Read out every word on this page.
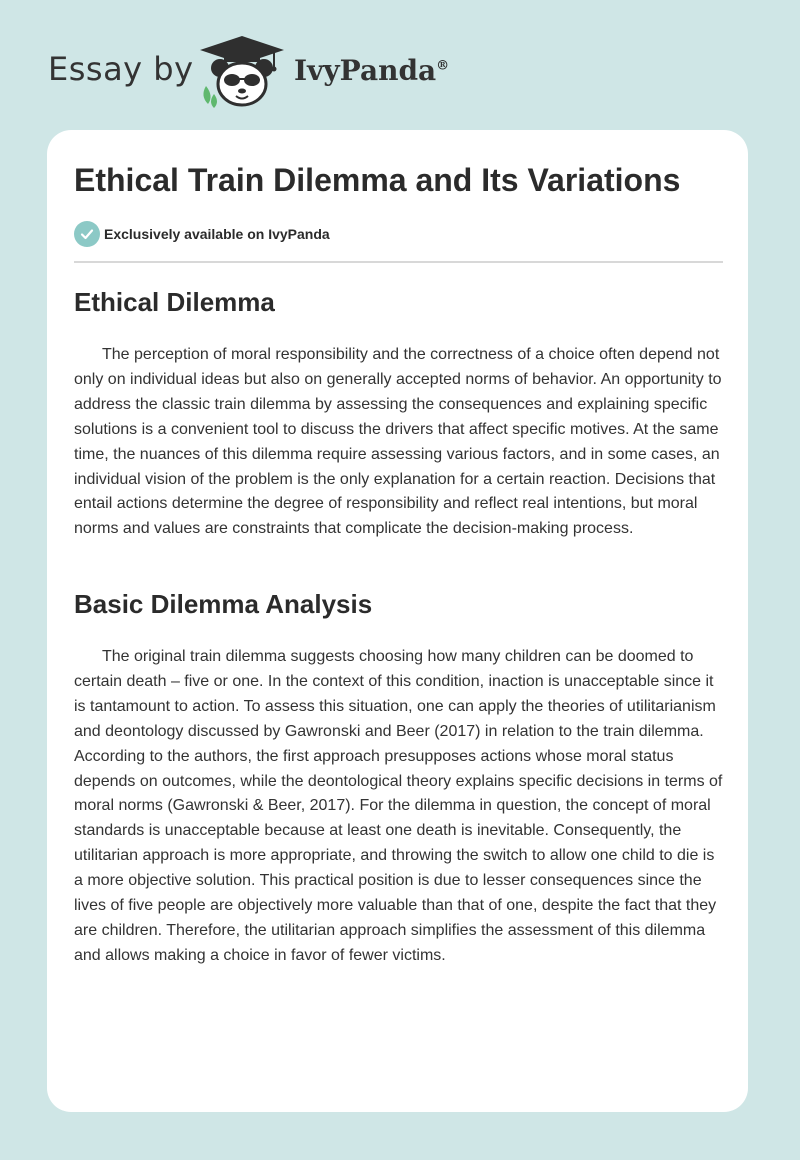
Essay by	IvyPanda®
Ethical Train Dilemma and Its Variations
Exclusively available on IvyPanda
Ethical Dilemma

The perception of moral responsibility and the correctness of a choice often depend not only on individual ideas but also on generally accepted norms of behavior. An opportunity to address the classic train dilemma by assessing the consequences and explaining specific solutions is a convenient tool to discuss the drivers that affect specific motives. At the same time, the nuances of this dilemma require assessing various factors, and in some cases, an individual vision of the problem is the only explanation for a certain reaction. Decisions that entail actions determine the degree of responsibility and reflect real intentions, but moral norms and values are constraints that complicate the decision-making process.

Basic Dilemma Analysis

The original train dilemma suggests choosing how many children can be doomed to certain death – five or one. In the context of this condition, inaction is unacceptable since it is tantamount to action. To assess this situation, one can apply the theories of utilitarianism and deontology discussed by Gawronski and Beer (2017) in relation to the train dilemma. According to the authors, the first approach presupposes actions whose moral status depends on outcomes, while the deontological theory explains specific decisions in terms of moral norms (Gawronski & Beer, 2017). For the dilemma in question, the concept of moral standards is unacceptable because at least one death is inevitable. Consequently, the utilitarian approach is more appropriate, and throwing the switch to allow one child to die is a more objective solution. This practical position is due to lesser consequences since the lives of five people are objectively more valuable than that of one, despite the fact that they are children. Therefore, the utilitarian approach simplifies the assessment of this dilemma and allows making a choice in favor of fewer victims.
